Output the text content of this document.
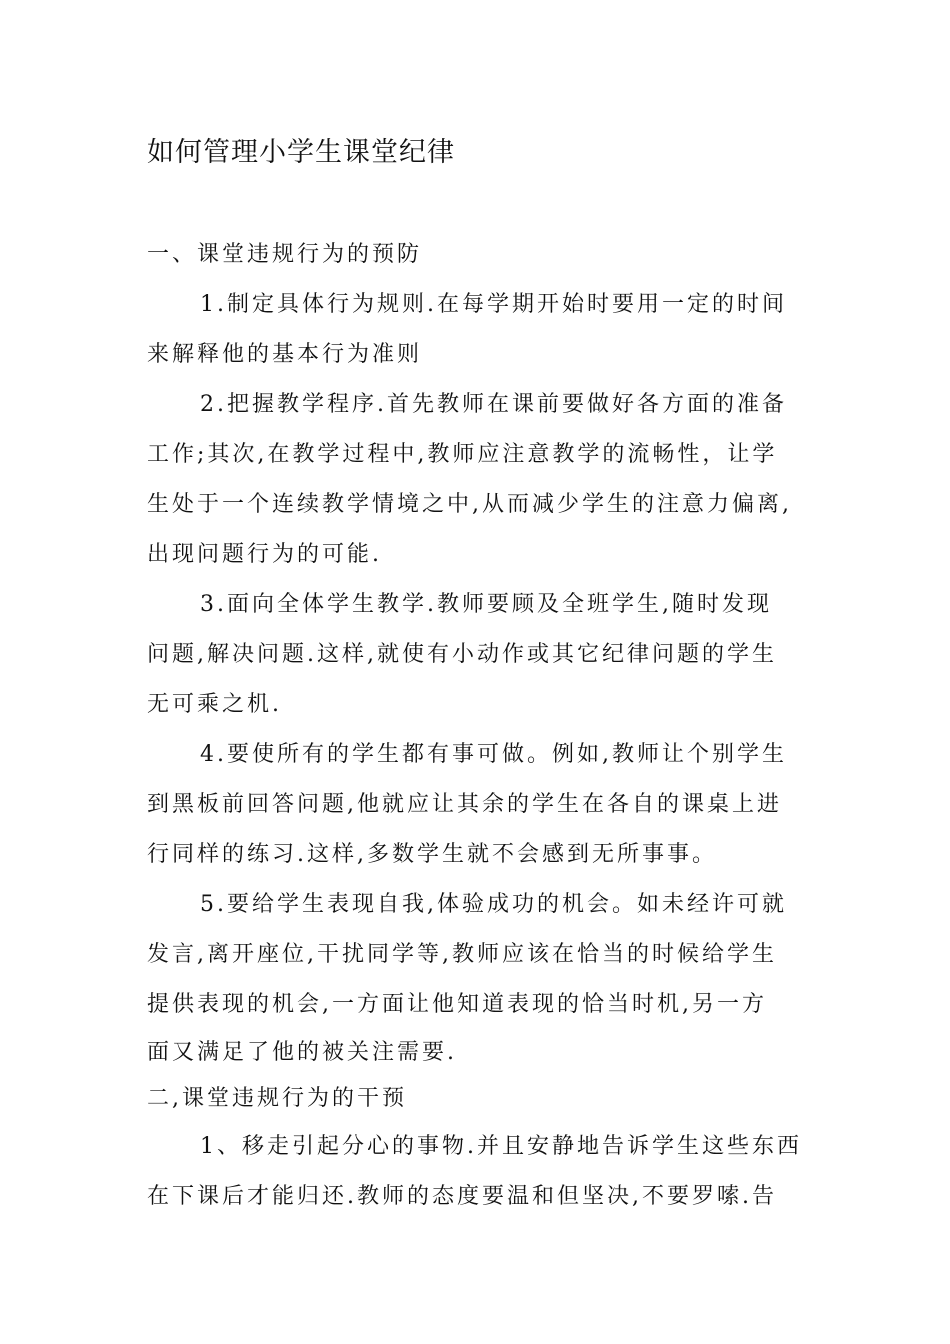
如何管理小学生课堂纪律
一、课堂违规行为的预防
1.制定具体行为规则.在每学期开始时要用一定的时间
来解释他的基本行为准则
2.把握教学程序.首先教师在课前要做好各方面的准备
工作;其次,在教学过程中,教师应注意教学的流畅性，让学
生处于一个连续教学情境之中,从而减少学生的注意力偏离,
出现问题行为的可能.
3.面向全体学生教学.教师要顾及全班学生,随时发现
问题,解决问题.这样,就使有小动作或其它纪律问题的学生
无可乘之机.
4.要使所有的学生都有事可做。例如,教师让个别学生
到黑板前回答问题,他就应让其余的学生在各自的课桌上进
行同样的练习.这样,多数学生就不会感到无所事事。
5.要给学生表现自我,体验成功的机会。如未经许可就
发言,离开座位,干扰同学等,教师应该在恰当的时候给学生
提供表现的机会,一方面让他知道表现的恰当时机,另一方
面又满足了他的被关注需要.
二,课堂违规行为的干预
1、移走引起分心的事物.并且安静地告诉学生这些东西
在下课后才能归还.教师的态度要温和但坚决,不要罗嗦.告
